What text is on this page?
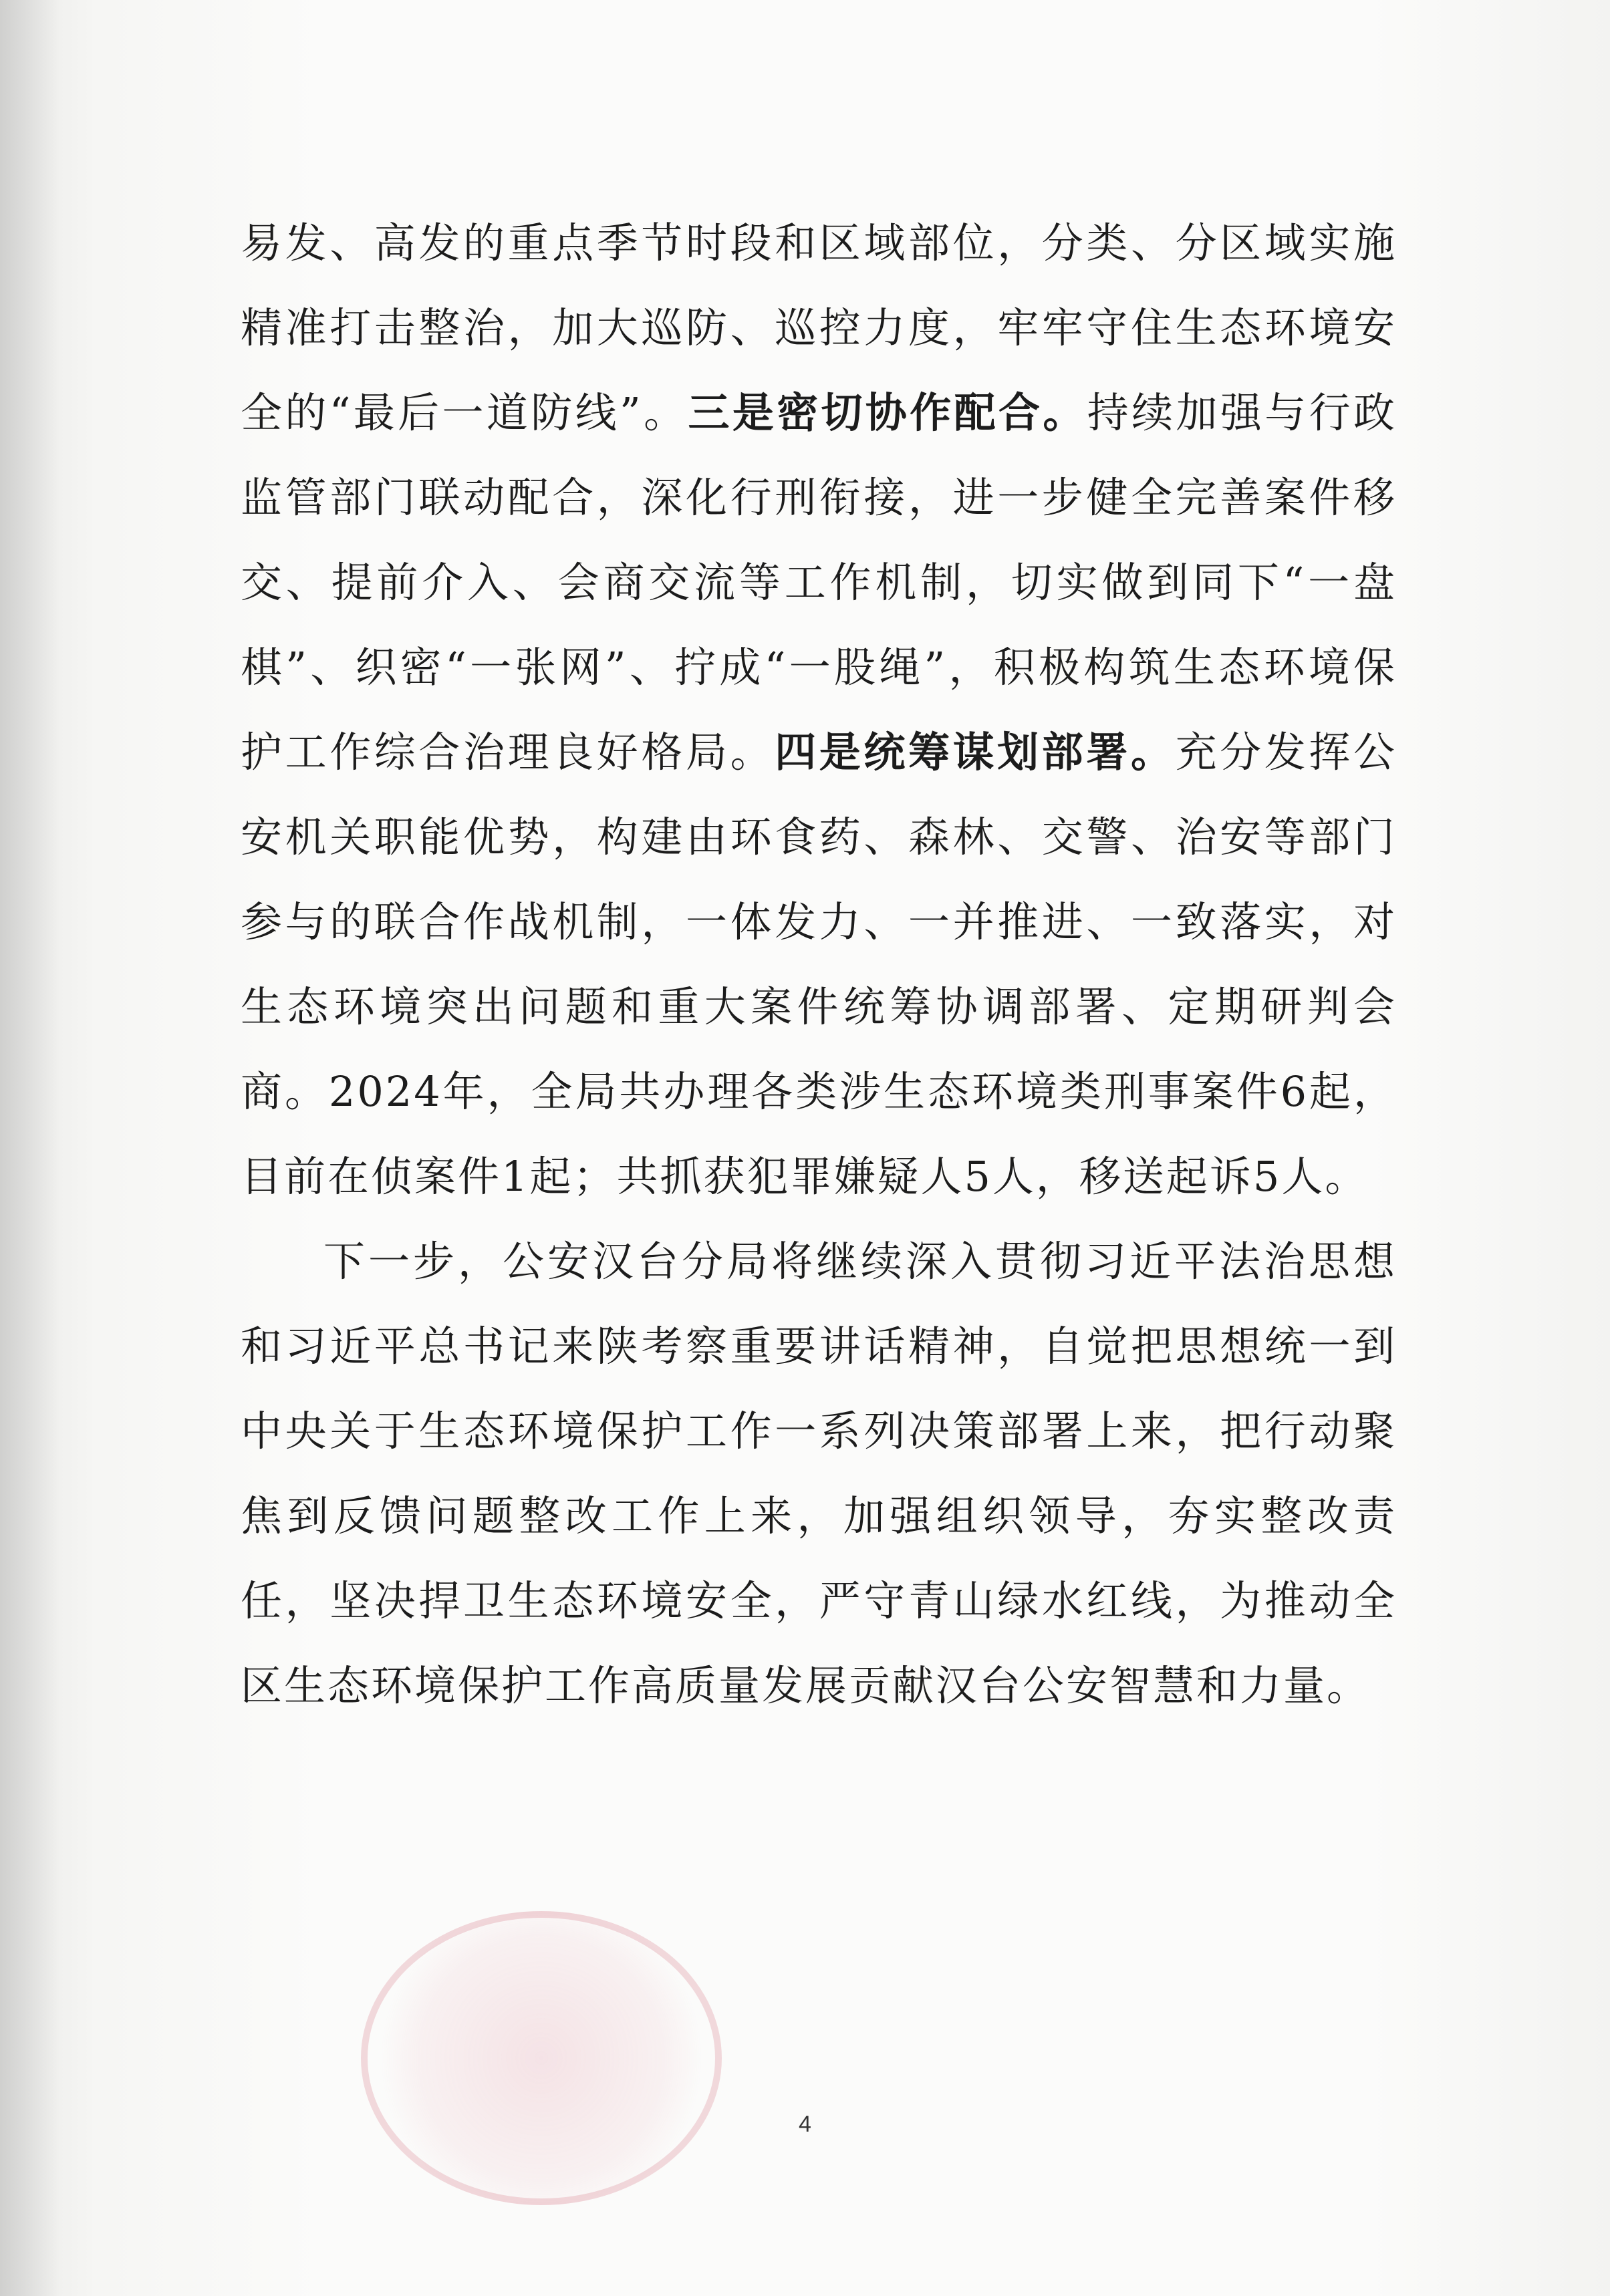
易发、高发的重点季节时段和区域部位，分类、分区域实施精准打击整治，加大巡防、巡控力度，牢牢守住生态环境安全的“最后一道防线”。三是密切协作配合。持续加强与行政监管部门联动配合，深化行刑衔接，进一步健全完善案件移交、提前介入、会商交流等工作机制，切实做到同下“一盘棋”、织密“一张网”、拧成“一股绳”，积极构筑生态环境保护工作综合治理良好格局。四是统筹谋划部署。充分发挥公安机关职能优势，构建由环食药、森林、交警、治安等部门参与的联合作战机制，一体发力、一并推进、一致落实，对生态环境突出问题和重大案件统筹协调部署、定期研判会商。2024年，全局共办理各类涉生态环境类刑事案件6起，目前在侦案件1起；共抓获犯罪嫌疑人5人，移送起诉5人。

下一步，公安汉台分局将继续深入贯彻习近平法治思想和习近平总书记来陕考察重要讲话精神，自觉把思想统一到中央关于生态环境保护工作一系列决策部署上来，把行动聚焦到反馈问题整改工作上来，加强组织领导，夯实整改责任，坚决捍卫生态环境安全，严守青山绿水红线，为推动全区生态环境保护工作高质量发展贡献汉台公安智慧和力量。

4
